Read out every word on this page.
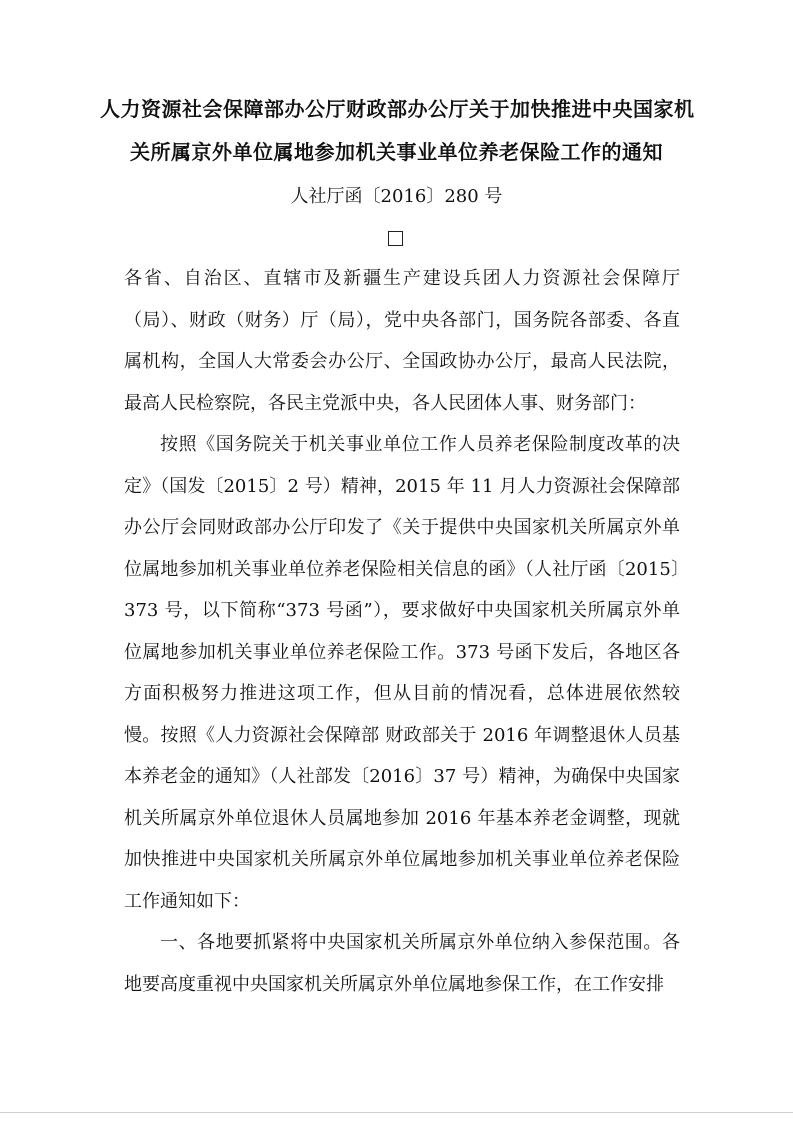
人力资源社会保障部办公厅财政部办公厅关于加快推进中央国家机
关所属京外单位属地参加机关事业单位养老保险工作的通知
人社厅函〔2016〕280 号

各省、自治区、直辖市及新疆生产建设兵团人力资源社会保障厅（局）、财政（财务）厅（局），党中央各部门，国务院各部委、各直属机构，全国人大常委会办公厅、全国政协办公厅，最高人民法院，最高人民检察院，各民主党派中央，各人民团体人事、财务部门：

按照《国务院关于机关事业单位工作人员养老保险制度改革的决定》（国发〔2015〕2 号）精神，2015 年 11 月人力资源社会保障部办公厅会同财政部办公厅印发了《关于提供中央国家机关所属京外单位属地参加机关事业单位养老保险相关信息的函》（人社厅函〔2015〕373 号，以下简称“373 号函”），要求做好中央国家机关所属京外单位属地参加机关事业单位养老保险工作。373 号函下发后，各地区各方面积极努力推进这项工作，但从目前的情况看，总体进展依然较慢。按照《人力资源社会保障部 财政部关于 2016 年调整退休人员基本养老金的通知》（人社部发〔2016〕37 号）精神，为确保中央国家机关所属京外单位退休人员属地参加 2016 年基本养老金调整，现就加快推进中央国家机关所属京外单位属地参加机关事业单位养老保险工作通知如下：

一、各地要抓紧将中央国家机关所属京外单位纳入参保范围。各地要高度重视中央国家机关所属京外单位属地参保工作，在工作安排
